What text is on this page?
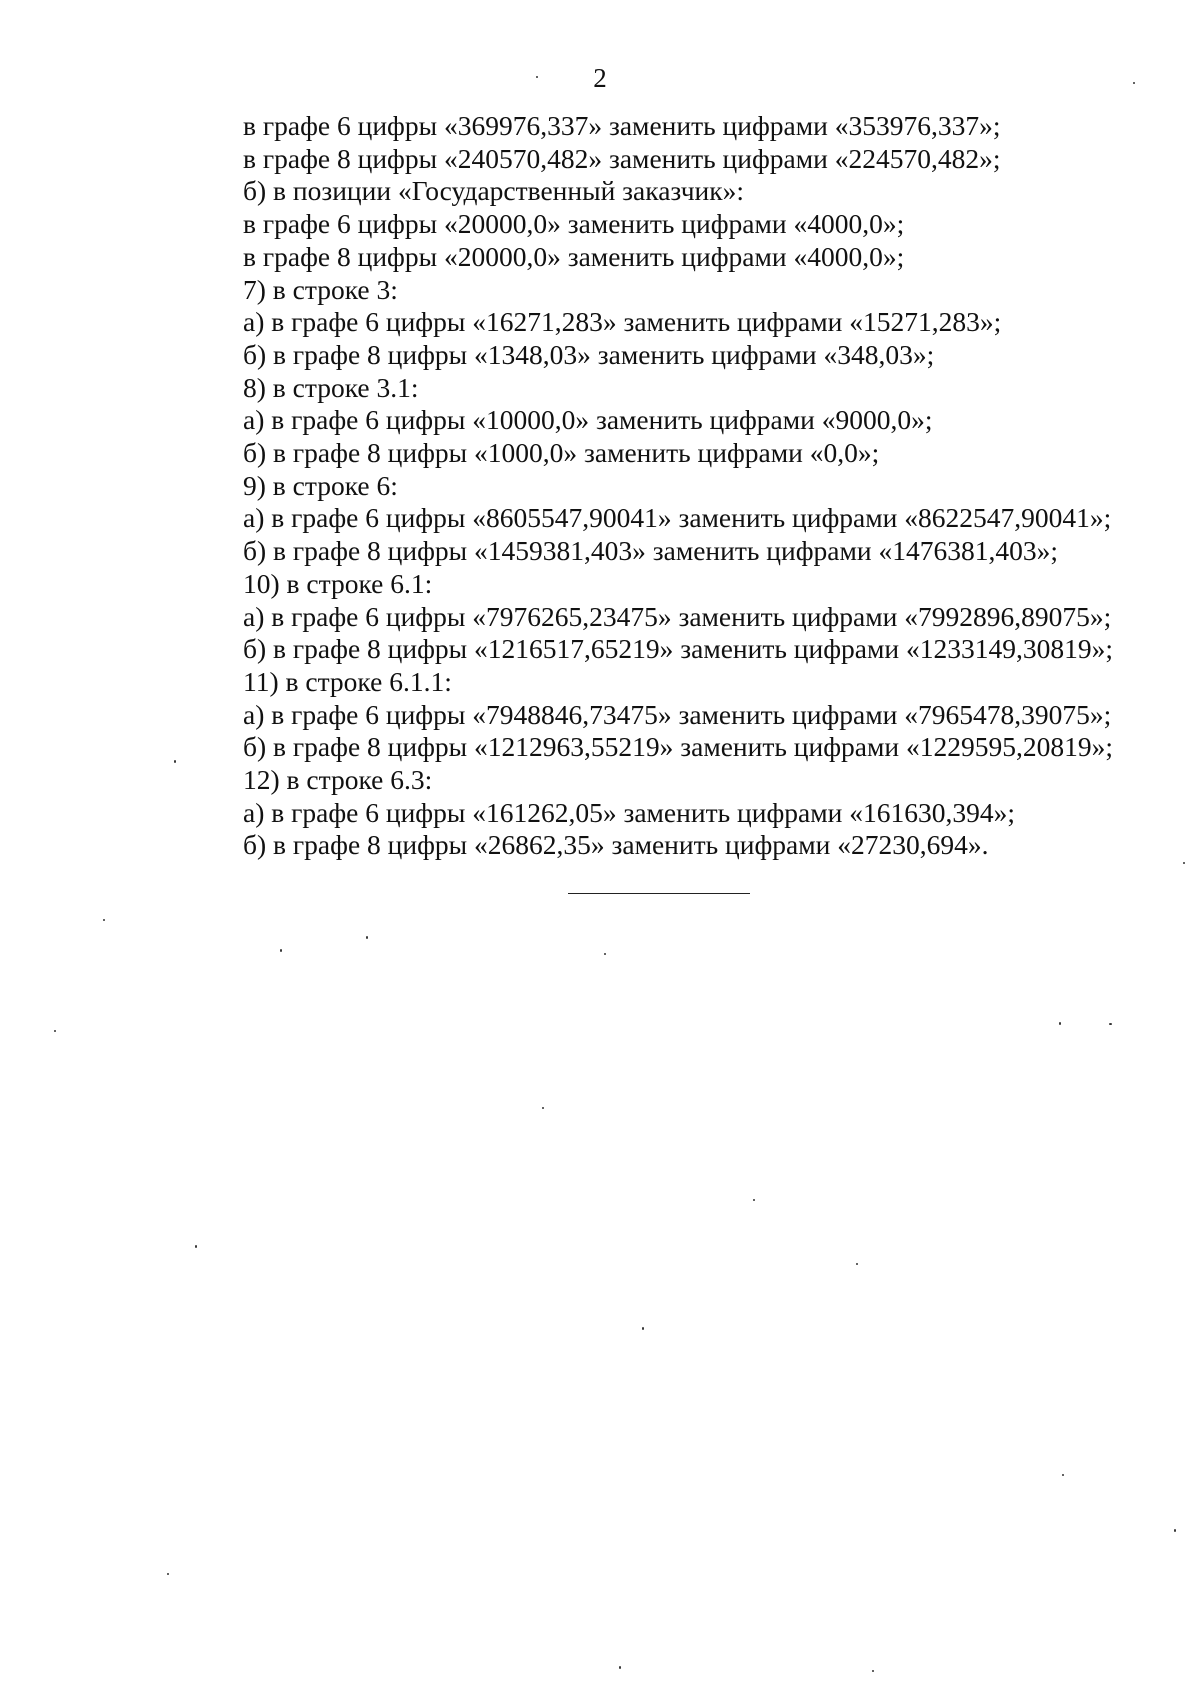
2
в графе 6 цифры «369976,337» заменить цифрами «353976,337»;
в графе 8 цифры «240570,482» заменить цифрами «224570,482»;
б) в позиции «Государственный заказчик»:
в графе 6 цифры «20000,0» заменить цифрами «4000,0»;
в графе 8 цифры «20000,0» заменить цифрами «4000,0»;
7) в строке 3:
а) в графе 6 цифры «16271,283» заменить цифрами «15271,283»;
б) в графе 8 цифры «1348,03» заменить цифрами «348,03»;
8) в строке 3.1:
а) в графе 6 цифры «10000,0» заменить цифрами «9000,0»;
б) в графе 8 цифры «1000,0» заменить цифрами «0,0»;
9) в строке 6:
а) в графе 6 цифры «8605547,90041» заменить цифрами «8622547,90041»;
б) в графе 8 цифры «1459381,403» заменить цифрами «1476381,403»;
10) в строке 6.1:
а) в графе 6 цифры «7976265,23475» заменить цифрами «7992896,89075»;
б) в графе 8 цифры «1216517,65219» заменить цифрами «1233149,30819»;
11) в строке 6.1.1:
а) в графе 6 цифры «7948846,73475» заменить цифрами «7965478,39075»;
б) в графе 8 цифры «1212963,55219» заменить цифрами «1229595,20819»;
12) в строке 6.3:
а) в графе 6 цифры «161262,05» заменить цифрами «161630,394»;
б) в графе 8 цифры «26862,35» заменить цифрами «27230,694».
